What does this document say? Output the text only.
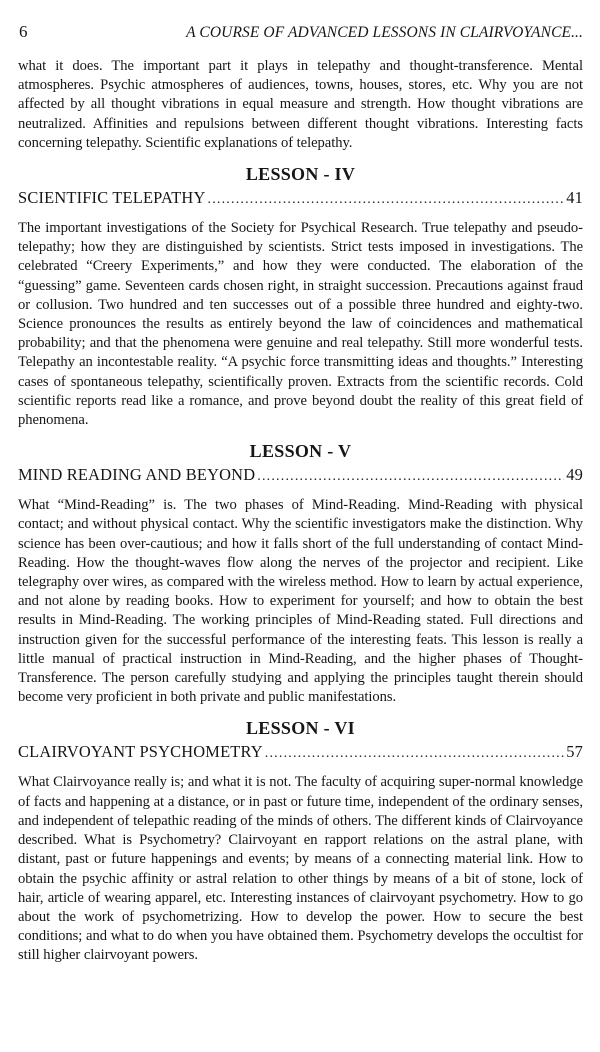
6	A COURSE OF ADVANCED LESSONS IN CLAIRVOYANCE...

what it does. The important part it plays in telepathy and thought-transference. Mental atmospheres. Psychic atmospheres of audiences, towns, houses, stores, etc. Why you are not affected by all thought vibrations in equal measure and strength. How thought vibrations are neutralized. Affinities and repulsions between different thought vibrations. Interesting facts concerning telepathy. Scientific explanations of telepathy.

LESSON - IV
SCIENTIFIC TELEPATHY .....	41

The important investigations of the Society for Psychical Research. True telepathy and pseudo-telepathy; how they are distinguished by scientists. Strict tests imposed in investigations. The celebrated “Creery Experiments,” and how they were conducted. The elaboration of the “guessing” game. Seventeen cards chosen right, in straight succession. Precautions against fraud or collusion. Two hundred and ten successes out of a possible three hundred and eighty-two. Science pronounces the results as entirely beyond the law of coincidences and mathematical probability; and that the phenomena were genuine and real telepathy. Still more wonderful tests. Telepathy an incontestable reality. “A psychic force transmitting ideas and thoughts.” Interesting cases of spontaneous telepathy, scientifically proven. Extracts from the scientific records. Cold scientific reports read like a romance, and prove beyond doubt the reality of this great field of phenomena.

LESSON - V
MIND READING AND BEYOND .....	49

What “Mind-Reading” is. The two phases of Mind-Reading. Mind-Reading with physical contact; and without physical contact. Why the scientific investigators make the distinction. Why science has been over-cautious; and how it falls short of the full understanding of contact Mind-Reading. How the thought-waves flow along the nerves of the projector and recipient. Like telegraphy over wires, as compared with the wireless method. How to learn by actual experience, and not alone by reading books. How to experiment for yourself; and how to obtain the best results in Mind-Reading. The working principles of Mind-Reading stated. Full directions and instruction given for the successful performance of the interesting feats. This lesson is really a little manual of practical instruction in Mind-Reading, and the higher phases of Thought-Transference. The person carefully studying and applying the principles taught therein should become very proficient in both private and public manifestations.

LESSON - VI
CLAIRVOYANT PSYCHOMETRY .....	57

What Clairvoyance really is; and what it is not. The faculty of acquiring super-normal knowledge of facts and happening at a distance, or in past or future time, independent of the ordinary senses, and independent of telepathic reading of the minds of others. The different kinds of Clairvoyance described. What is Psychometry? Clairvoyant en rapport relations on the astral plane, with distant, past or future happenings and events; by means of a connecting material link. How to obtain the psychic affinity or astral relation to other things by means of a bit of stone, lock of hair, article of wearing apparel, etc. Interesting instances of clairvoyant psychometry. How to go about the work of psychometrizing. How to develop the power. How to secure the best conditions; and what to do when you have obtained them. Psychometry develops the occultist for still higher clairvoyant powers.
